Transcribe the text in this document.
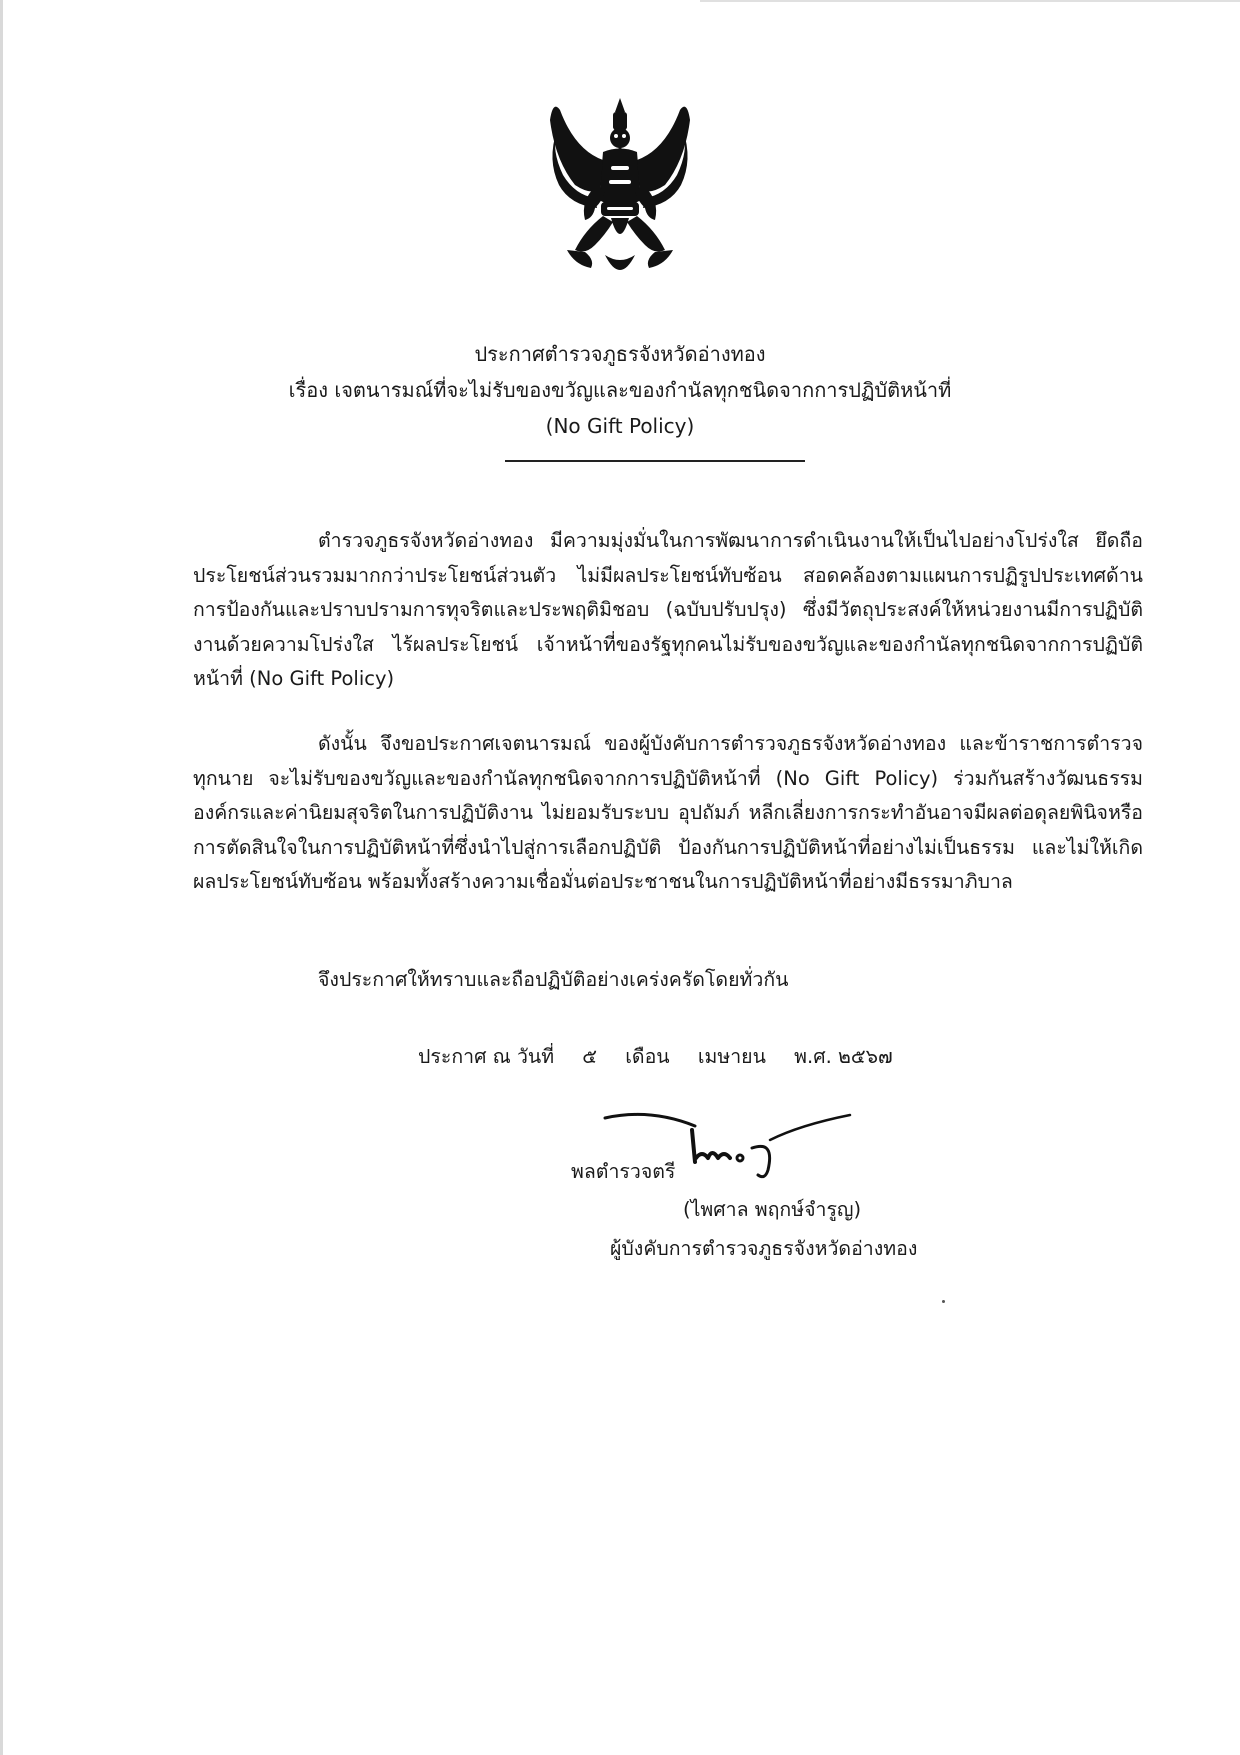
ประกาศตำรวจภูธรจังหวัดอ่างทอง
เรื่อง เจตนารมณ์ที่จะไม่รับของขวัญและของกำนัลทุกชนิดจากการปฏิบัติหน้าที่
(No Gift Policy)
ตำรวจภูธรจังหวัดอ่างทอง มีความมุ่งมั่นในการพัฒนาการดำเนินงานให้เป็นไปอย่างโปร่งใส ยึดถือประโยชน์ส่วนรวมมากกว่าประโยชน์ส่วนตัว ไม่มีผลประโยชน์ทับซ้อน สอดคล้องตามแผนการปฏิรูปประเทศด้านการป้องกันและปราบปรามการทุจริตและประพฤติมิชอบ (ฉบับปรับปรุง) ซึ่งมีวัตถุประสงค์ให้หน่วยงานมีการปฏิบัติงานด้วยความโปร่งใส ไร้ผลประโยชน์ เจ้าหน้าที่ของรัฐทุกคนไม่รับของขวัญและของกำนัลทุกชนิดจากการปฏิบัติหน้าที่ (No Gift Policy)
ดังนั้น จึงขอประกาศเจตนารมณ์ ของผู้บังคับการตำรวจภูธรจังหวัดอ่างทอง และข้าราชการตำรวจทุกนาย จะไม่รับของขวัญและของกำนัลทุกชนิดจากการปฏิบัติหน้าที่ (No Gift Policy) ร่วมกันสร้างวัฒนธรรมองค์กรและค่านิยมสุจริตในการปฏิบัติงาน ไม่ยอมรับระบบ อุปถัมภ์ หลีกเลี่ยงการกระทำอันอาจมีผลต่อดุลยพินิจหรือการตัดสินใจในการปฏิบัติหน้าที่ซึ่งนำไปสู่การเลือกปฏิบัติ ป้องกันการปฏิบัติหน้าที่อย่างไม่เป็นธรรม และไม่ให้เกิดผลประโยชน์ทับซ้อน พร้อมทั้งสร้างความเชื่อมั่นต่อประชาชนในการปฏิบัติหน้าที่อย่างมีธรรมาภิบาล
จึงประกาศให้ทราบและถือปฏิบัติอย่างเคร่งครัดโดยทั่วกัน
ประกาศ ณ วันที่ ๕ เดือน เมษายน พ.ศ. ๒๕๖๗
พลตำรวจตรี
(ไพศาล พฤกษ์จำรูญ)
ผู้บังคับการตำรวจภูธรจังหวัดอ่างทอง
